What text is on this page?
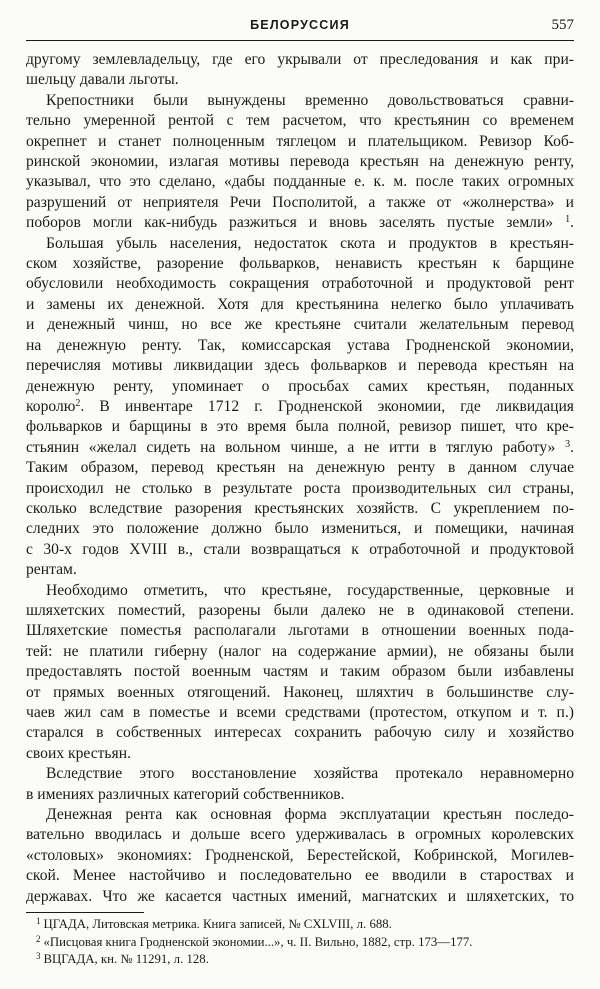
БЕЛОРУССИЯ	557

другому землевладельцу, где его укрывали от преследования и как при-
шельцу давали льготы.

Крепостники были вынуждены временно довольствоваться сравни-
тельно умеренной рентой с тем расчетом, что крестьянин со временем
окрепнет и станет полноценным тяглецом и плательщиком. Ревизор Коб-
ринской экономии, излагая мотивы перевода крестьян на денежную ренту,
указывал, что это сделано, «дабы подданные е. к. м. после таких огромных
разрушений от неприятеля Речи Посполитой, а также от «жолнерства» и
поборов могли как-нибудь разжиться и вновь заселять пустые земли» $^1$.

Большая убыль населения, недостаток скота и продуктов в крестьян-
ском хозяйстве, разорение фольварков, ненависть крестьян к барщине
обусловили необходимость сокращения отработочной и продуктовой рент
и замены их денежной. Хотя для крестьянина нелегко было уплачивать
и денежный чинш, но все же крестьяне считали желательным перевод
на денежную ренту. Так, комиссарская устава Гродненской экономии,
перечисляя мотивы ликвидации здесь фольварков и перевода крестьян на
денежную ренту, упоминает о просьбах самих крестьян, поданных
королю$^2$. В инвентаре 1712 г. Гродненской экономии, где ликвидация
фольварков и барщины в это время была полной, ревизор пишет, что кре-
стьянин «желал сидеть на вольном чинше, а не итти в тяглую работу» $^3$.
Таким образом, перевод крестьян на денежную ренту в данном случае
происходил не столько в результате роста производительных сил страны,
сколько вследствие разорения крестьянских хозяйств. С укреплением по-
следних это положение должно было измениться, и помещики, начиная
с 30-х годов XVIII в., стали возвращаться к отработочной и продуктовой
рентам.

Необходимо отметить, что крестьяне, государственные, церковные и
шляхетских поместий, разорены были далеко не в одинаковой степени.
Шляхетские поместья располагали льготами в отношении военных пода-
тей: не платили гиберну (налог на содержание армии), не обязаны были
предоставлять постой военным частям и таким образом были избавлены
от прямых военных отягощений. Наконец, шляхтич в большинстве слу-
чаев жил сам в поместье и всеми средствами (протестом, откупом и т. п.)
старался в собственных интересах сохранить рабочую силу и хозяйство
своих крестьян.

Вследствие этого восстановление хозяйства протекало неравномерно
в имениях различных категорий собственников.

Денежная рента как основная форма эксплуатации крестьян последо-
вательно вводилась и дольше всего удерживалась в огромных королевских
«столовых» экономиях: Гродненской, Берестейской, Кобринской, Могилев-
ской. Менее настойчиво и последовательно ее вводили в староствах и
державах. Что же касается частных имений, магнатских и шляхетских, то

$^1$ ЦГАДА, Литовская метрика. Книга записей, № CXLVIII, л. 688.
$^2$ «Писцовая книга Гродненской экономии...», ч. II. Вильно, 1882, стр. 173—177.
$^3$ ВЦГАДА, кн. № 11291, л. 128.
